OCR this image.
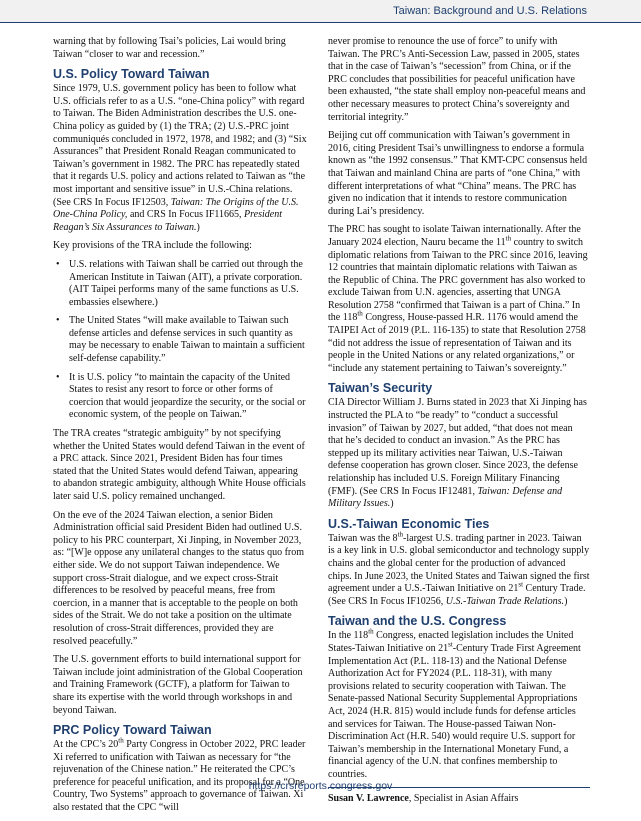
Taiwan: Background and U.S. Relations

warning that by following Tsai’s policies, Lai would bring Taiwan “closer to war and recession.”

U.S. Policy Toward Taiwan

Since 1979, U.S. government policy has been to follow what U.S. officials refer to as a U.S. “one-China policy” with regard to Taiwan. The Biden Administration describes the U.S. one-China policy as guided by (1) the TRA; (2) U.S.-PRC joint communiqués concluded in 1972, 1978, and 1982; and (3) “Six Assurances” that President Ronald Reagan communicated to Taiwan’s government in 1982. The PRC has repeatedly stated that it regards U.S. policy and actions related to Taiwan as “the most important and sensitive issue” in U.S.-China relations. (See CRS In Focus IF12503, Taiwan: The Origins of the U.S. One-China Policy, and CRS In Focus IF11665, President Reagan’s Six Assurances to Taiwan.)

Key provisions of the TRA include the following:

• U.S. relations with Taiwan shall be carried out through the American Institute in Taiwan (AIT), a private corporation. (AIT Taipei performs many of the same functions as U.S. embassies elsewhere.)
• The United States “will make available to Taiwan such defense articles and defense services in such quantity as may be necessary to enable Taiwan to maintain a sufficient self-defense capability.”
• It is U.S. policy “to maintain the capacity of the United States to resist any resort to force or other forms of coercion that would jeopardize the security, or the social or economic system, of the people on Taiwan.”

The TRA creates “strategic ambiguity” by not specifying whether the United States would defend Taiwan in the event of a PRC attack. Since 2021, President Biden has four times stated that the United States would defend Taiwan, appearing to abandon strategic ambiguity, although White House officials later said U.S. policy remained unchanged.

On the eve of the 2024 Taiwan election, a senior Biden Administration official said President Biden had outlined U.S. policy to his PRC counterpart, Xi Jinping, in November 2023, as: “[W]e oppose any unilateral changes to the status quo from either side. We do not support Taiwan independence. We support cross-Strait dialogue, and we expect cross-Strait differences to be resolved by peaceful means, free from coercion, in a manner that is acceptable to the people on both sides of the Strait. We do not take a position on the ultimate resolution of cross-Strait differences, provided they are resolved peacefully.”

The U.S. government efforts to build international support for Taiwan include joint administration of the Global Cooperation and Training Framework (GCTF), a platform for Taiwan to share its expertise with the world through workshops in and beyond Taiwan.

PRC Policy Toward Taiwan

At the CPC’s 20th Party Congress in October 2022, PRC leader Xi referred to unification with Taiwan as necessary for “the rejuvenation of the Chinese nation.” He reiterated the CPC’s preference for peaceful unification, and its proposal for a “One Country, Two Systems” approach to governance of Taiwan. Xi also restated that the CPC “will

never promise to renounce the use of force” to unify with Taiwan. The PRC’s Anti-Secession Law, passed in 2005, states that in the case of Taiwan’s “secession” from China, or if the PRC concludes that possibilities for peaceful unification have been exhausted, “the state shall employ non-peaceful means and other necessary measures to protect China’s sovereignty and territorial integrity.”

Beijing cut off communication with Taiwan’s government in 2016, citing President Tsai’s unwillingness to endorse a formula known as “the 1992 consensus.” That KMT-CPC consensus held that Taiwan and mainland China are parts of “one China,” with different interpretations of what “China” means. The PRC has given no indication that it intends to restore communication during Lai’s presidency.

The PRC has sought to isolate Taiwan internationally. After the January 2024 election, Nauru became the 11th country to switch diplomatic relations from Taiwan to the PRC since 2016, leaving 12 countries that maintain diplomatic relations with Taiwan as the Republic of China. The PRC government has also worked to exclude Taiwan from U.N. agencies, asserting that UNGA Resolution 2758 “confirmed that Taiwan is a part of China.” In the 118th Congress, House-passed H.R. 1176 would amend the TAIPEI Act of 2019 (P.L. 116-135) to state that Resolution 2758 “did not address the issue of representation of Taiwan and its people in the United Nations or any related organizations,” or “include any statement pertaining to Taiwan’s sovereignty.”

Taiwan’s Security

CIA Director William J. Burns stated in 2023 that Xi Jinping has instructed the PLA to “be ready” to “conduct a successful invasion” of Taiwan by 2027, but added, “that does not mean that he’s decided to conduct an invasion.” As the PRC has stepped up its military activities near Taiwan, U.S.-Taiwan defense cooperation has grown closer. Since 2023, the defense relationship has included U.S. Foreign Military Financing (FMF). (See CRS In Focus IF12481, Taiwan: Defense and Military Issues.)

U.S.-Taiwan Economic Ties

Taiwan was the 8th-largest U.S. trading partner in 2023. Taiwan is a key link in U.S. global semiconductor and technology supply chains and the global center for the production of advanced chips. In June 2023, the United States and Taiwan signed the first agreement under a U.S.-Taiwan Initiative on 21st Century Trade. (See CRS In Focus IF10256, U.S.-Taiwan Trade Relations.)

Taiwan and the U.S. Congress

In the 118th Congress, enacted legislation includes the United States-Taiwan Initiative on 21st-Century Trade First Agreement Implementation Act (P.L. 118-13) and the National Defense Authorization Act for FY2024 (P.L. 118-31), with many provisions related to security cooperation with Taiwan. The Senate-passed National Security Supplemental Appropriations Act, 2024 (H.R. 815) would include funds for defense articles and services for Taiwan. The House-passed Taiwan Non-Discrimination Act (H.R. 540) would require U.S. support for Taiwan’s membership in the International Monetary Fund, a financial agency of the U.N. that confines membership to countries.

Susan V. Lawrence, Specialist in Asian Affairs
https://crsreports.congress.gov
